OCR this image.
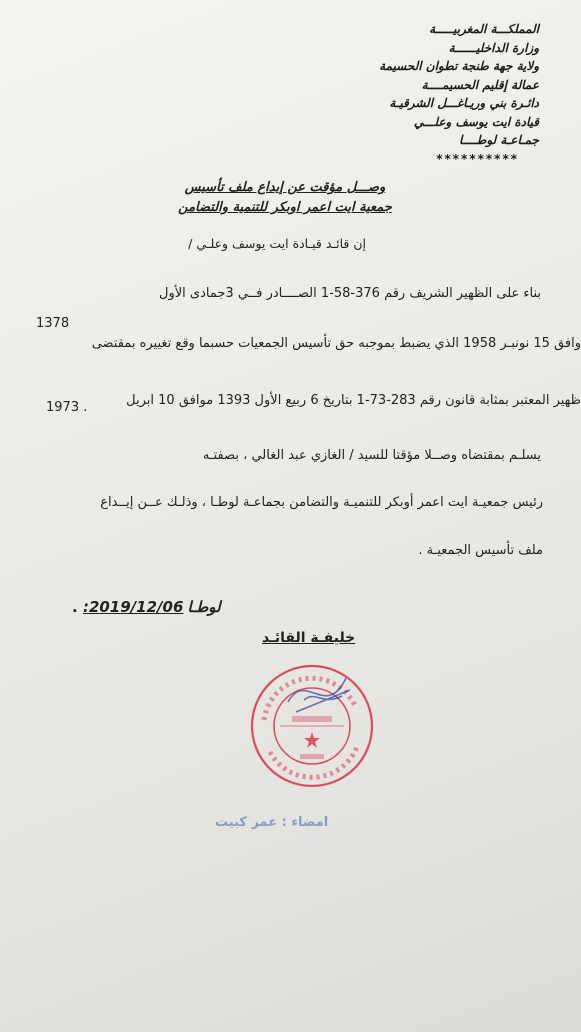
المملكـــة المغربيـــــة
وزارة الداخليــــــة
ولاية جهة طنجة تطوان الحسيمة
عمالة إقليم الحسيمــــة
دائـرة بني وريـاغـــل الشرقيـة
قيادة ايت يوسف وعلـــي
جمـاعـة لوطــــا
**********
وصـــل مؤقت عن إيداع ملف تأسيس
جمعية ايت اعمر اوبكر للتنمية والتضامن
إن قائـد قيـادة ايت يوسف وعلـي /
بناء على الظهير الشريف رقم 376-58-1 الصــــادر فــي 3جمادى الأول
1378
وافق 15 نونبـر 1958 الذي يضبط بموجبه حق تأسيس الجمعيات حسبما وقع تغييره بمقتضى
ظهير المعتبر بمثابة قانون رقم 283-73-1 بتاريخ 6 ربيع الأول 1393 موافق 10 ابريل
1973 .
يسلـم بمقتضاه وصــلا مؤقتا للسيد / الغازي عبد الغالي ، بصفتـه
رئيس جمعيـة ايت اعمر أوبكر للتنميـة والتضامن بجماعـة لوطـا ، وذلـك عــن إيــداع
ملف تأسيس الجمعيـة .
لوطـا2019/12/06: .
خليفـة القائـد
امضاء : عمر كبيت
